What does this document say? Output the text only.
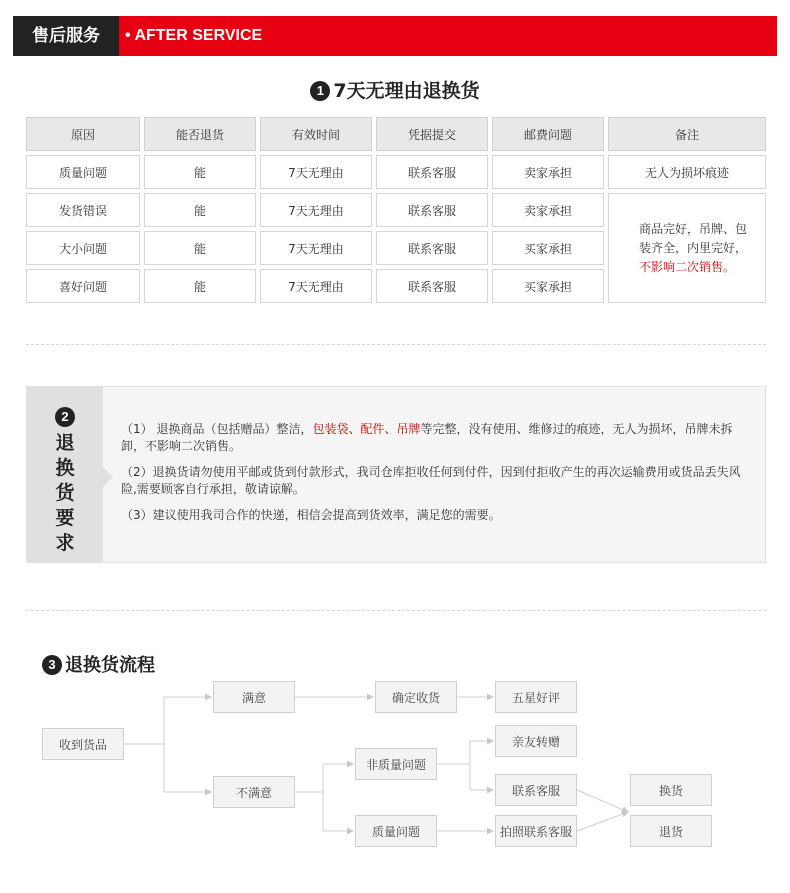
售后服务	• AFTER SERVICE
1 7天无理由退换货
原因	能否退货	有效时间	凭据提交	邮费问题	备注
质量问题	能	7天无理由	联系客服	卖家承担	无人为损坏痕迹
发货错误	能	7天无理由	联系客服	卖家承担
大小问题	能	7天无理由	联系客服	买家承担
喜好问题	能	7天无理由	联系客服	买家承担
商品完好，吊牌、包装齐全，内里完好，不影响二次销售。
2
退
换
货
要
求

（1） 退换商品（包括赠品）整洁，包装袋、配件、吊牌等完整，没有使用、维修过的痕迹，无人为损坏，吊牌未拆卸，不影响二次销售。

（2）退换货请勿使用平邮或货到付款形式，我司仓库拒收任何到付件，因到付拒收产生的再次运输费用或货品丢失风险,需要顾客自行承担，敬请谅解。

（3）建议使用我司合作的快递，相信会提高到货效率，满足您的需要。

3 退换货流程
收到货品
满意	确定收货	五星好评
不满意
非质量问题
亲友转赠
联系客服
质量问题	拍照联系客服
换货
退货
